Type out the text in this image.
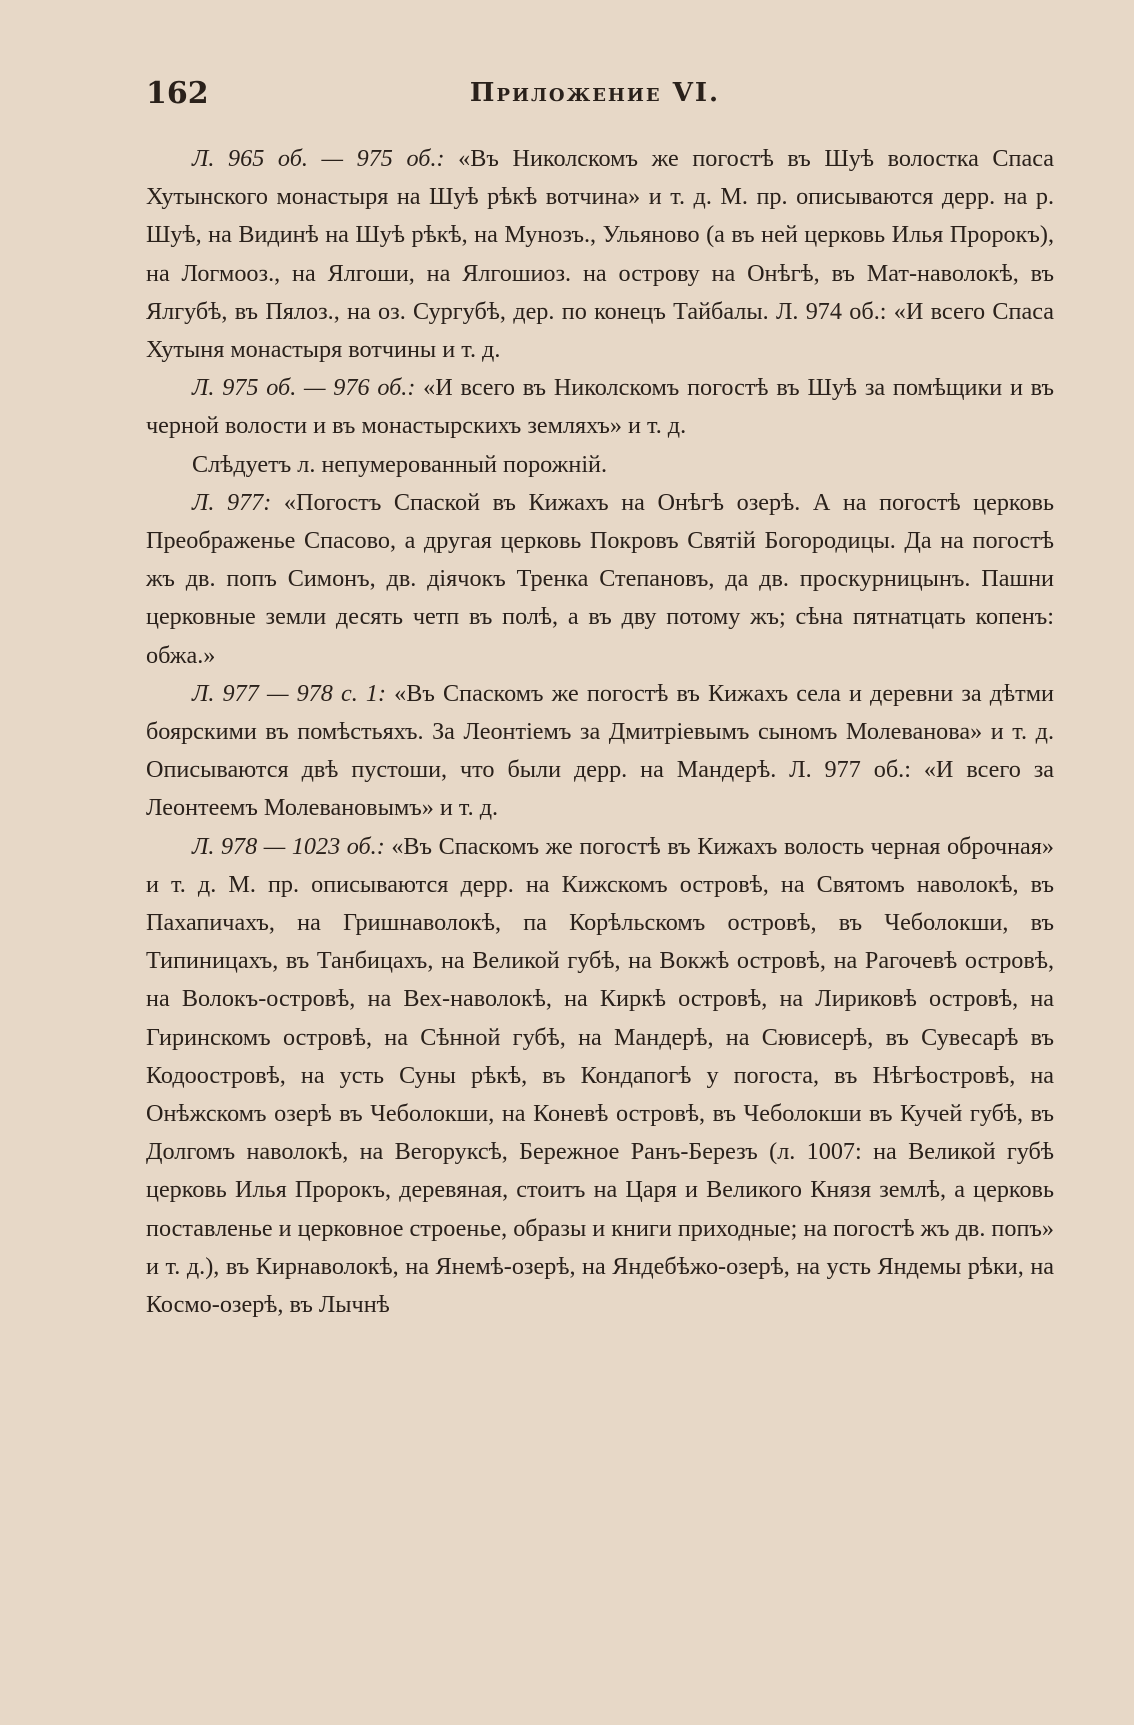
162	Приложение VI.

Л. 965 об. — 975 об.: «Въ Николскомъ же погостѣ въ Шуѣ волостка Спаса Хутынского монастыря на Шуѣ рѣкѣ вотчина» и т. д. М. пр. описываются дерр. на р. Шуѣ, на Видинѣ на Шуѣ рѣкѣ, на Мунозъ., Ульяново (а въ ней церковь Илья Пророкъ), на Логмооз., на Ялгоши, на Ялгошиоз. на острову на Онѣгѣ, въ Мат-наволокѣ, въ Ялгубѣ, въ Пялоз., на оз. Сургубѣ, дер. по конецъ Тайбалы. Л. 974 об.: «И всего Спаса Хутыня монастыря вотчины и т. д.

Л. 975 об. — 976 об.: «И всего въ Николскомъ погостѣ въ Шуѣ за помѣщики и въ черной волости и въ монастырскихъ земляхъ» и т. д.

Слѣдуетъ л. непумерованный порожній.

Л. 977: «Погостъ Спаской въ Кижахъ на Онѣгѣ озерѣ. А на погостѣ церковь Преображенье Спасово, а другая церковь Покровъ Святій Богородицы. Да на погостѣ жъ дв. попъ Симонъ, дв. діячокъ Тренка Степановъ, да дв. проскурницынъ. Пашни церковные земли десять четп въ полѣ, а въ дву потому жъ; сѣна пятнатцать копенъ: обжа.»

Л. 977 — 978 с. 1: «Въ Спаскомъ же погостѣ въ Кижахъ села и деревни за дѣтми боярскими въ помѣстьяхъ. За Леонтіемъ за Дмитріевымъ сыномъ Молеванова» и т. д. Описываются двѣ пустоши, что были дерр. на Мандерѣ. Л. 977 об.: «И всего за Леонтеемъ Молевановымъ» и т. д.

Л. 978 — 1023 об.: «Въ Спаскомъ же погостѣ въ Кижахъ волость черная оброчная» и т. д. М. пр. описываются дерр. на Кижскомъ островѣ, на Святомъ наволокѣ, въ Пахапичахъ, на Гришнаволокѣ, па Корѣльскомъ островѣ, въ Чеболокши, въ Типиницахъ, въ Танбицахъ, на Великой губѣ, на Вокжѣ островѣ, на Рагочевѣ островѣ, на Волокъ-островѣ, на Вех-наволокѣ, на Киркѣ островѣ, на Лириковѣ островѣ, на Гиринскомъ островѣ, на Сѣнной губѣ, на Мандерѣ, на Сювисерѣ, въ Сувесарѣ въ Кодоостровѣ, на усть Суны рѣкѣ, въ Кондапогѣ у погоста, въ Нѣгѣостровѣ, на Онѣжскомъ озерѣ въ Чеболокши, на Коневѣ островѣ, въ Чеболокши въ Кучей губѣ, въ Долгомъ наволокѣ, на Вегоруксѣ, Бережное Ранъ-Березъ (л. 1007: на Великой губѣ церковь Илья Пророкъ, деревяная, стоитъ на Царя и Великого Князя землѣ, а церковь поставленье и церковное строенье, образы и книги приходные; на погостѣ жъ дв. попъ» и т. д.), въ Кирнаволокѣ, на Янемѣ-озерѣ, на Яндебѣжо-озерѣ, на усть Яндемы рѣки, на Космо-озерѣ, въ Лычнѣ
